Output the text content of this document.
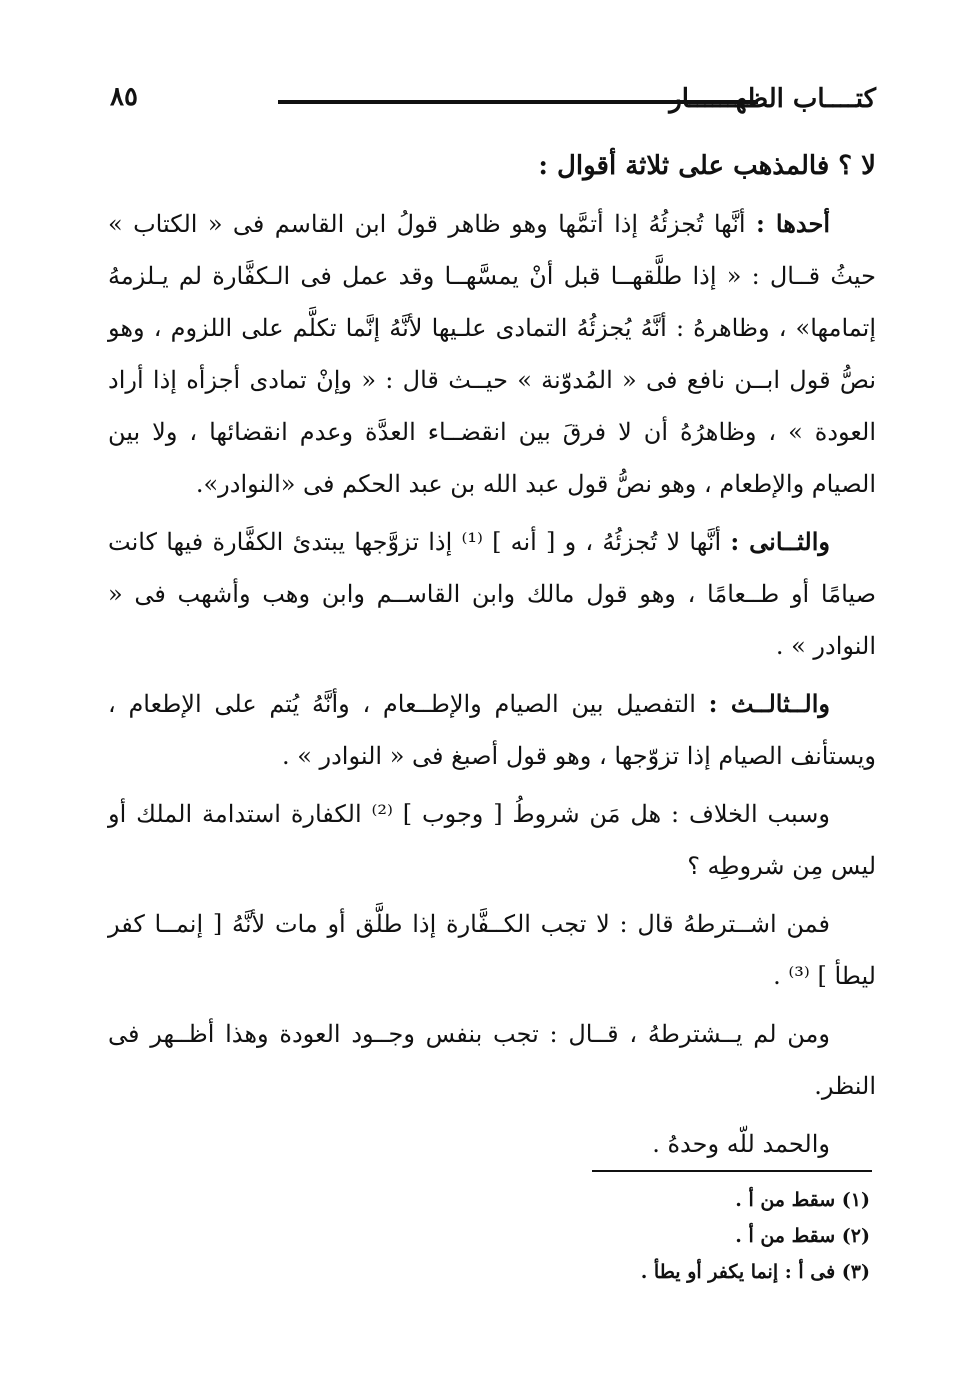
٨٥	كتــــاب الظهــــــار

لا ؟ فالمذهب على ثلاثة أقوال :

أحدها : أنَّها تُجزئُهُ إذا أتمَّها وهو ظاهر قولُ ابن القاسم فى « الكتاب » حيثُ قــال : « إذا طلَّقهــا قبل أنْ يمسَّهــا وقد عمل فى الـكفَّارة لم يـلزمهُ إتمامها» ، وظاهرهُ : أنَّهُ يُجزئُهُ التمادى علـيها لأنَّهُ إنَّما تكلَّم على اللزوم ، وهو نصُّ قول ابــن نافع فى « المُدوّنة » حيــث قال : « وإنْ تمادى أجزأه إذا أراد العودة » ، وظاهرُهُ أن لا فرقَ بين انقضــاء العدَّة وعدم انقضائها ، ولا بين الصيام والإطعام ، وهو نصُّ قول عبد الله بن عبد الحكم فى «النوادر».

والثــانى : أنَّها لا تُجزئُهُ ، و [ أنه ] ⁽¹⁾ إذا تزوَّجها يبتدئ الكفَّارة فيها كانت صيامًا أو طــعامًا ، وهو قول مالك وابن القاســم وابن وهب وأشهب فى « النوادر » .

والــثالــث : التفصيل بين الصيام والإطــعام ، وأنَّهُ يُتم على الإطعام ، ويستأنف الصيام إذا تزوّجها ، وهو قول أصبغ فى « النوادر » .

وسبب الخلاف : هل مَن شروطُ [ وجوب ] ⁽²⁾ الكفارة استدامة الملك أو ليس مِن شروطِه ؟

فمن اشــترطهُ قال : لا تجب الكــفَّارة إذا طلَّق أو مات لأنَّهُ [ إنمــا كفر ليطأ ] ⁽³⁾ .

ومن لم يــشترطهُ ، قــال : تجب بنفس وجــود العودة وهذا أظــهر فى النظر.

والحمد للّه وحدهُ .

(١) سقط من أ .
(٢) سقط من أ .
(٣) فى أ : إنما يكفر أو يطأ .
